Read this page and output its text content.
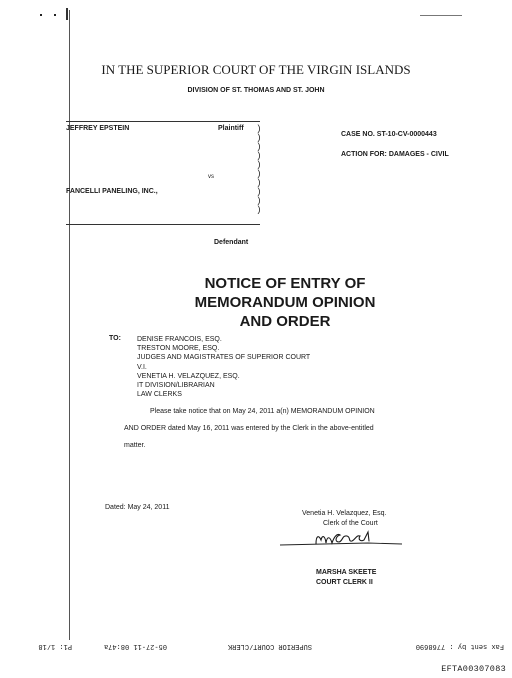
IN THE SUPERIOR COURT OF THE VIRGIN ISLANDS
DIVISION OF ST. THOMAS AND ST. JOHN
JEFFREY EPSTEIN	Plaintiff )
)
)
)
)
)
)
)
)
)
vs
FANCELLI PANELING, INC.,
Defendant
CASE NO. ST-10-CV-0000443
ACTION FOR: DAMAGES - CIVIL
NOTICE OF ENTRY OF
MEMORANDUM OPINION
AND ORDER
TO: DENISE FRANCOIS, ESQ.
TRESTON MOORE, ESQ.
JUDGES AND MAGISTRATES OF SUPERIOR COURT
V.I.
VENETIA H. VELAZQUEZ, ESQ.
IT DIVISION/LIBRARIAN
LAW CLERKS
Please take notice that on May 24, 2011 a(n) MEMORANDUM OPINION
AND ORDER dated May 16, 2011 was entered by the Clerk in the above-entitled
matter.
Dated: May 24, 2011
Venetia H. Velazquez, Esq.
Clerk of the Court
MARSHA SKEETE
COURT CLERK II
Fax sent by : 7768690
SUPERIOR COURT/CLERK
05-27-11 08:47a
P1: 1/18
EFTA00307083
